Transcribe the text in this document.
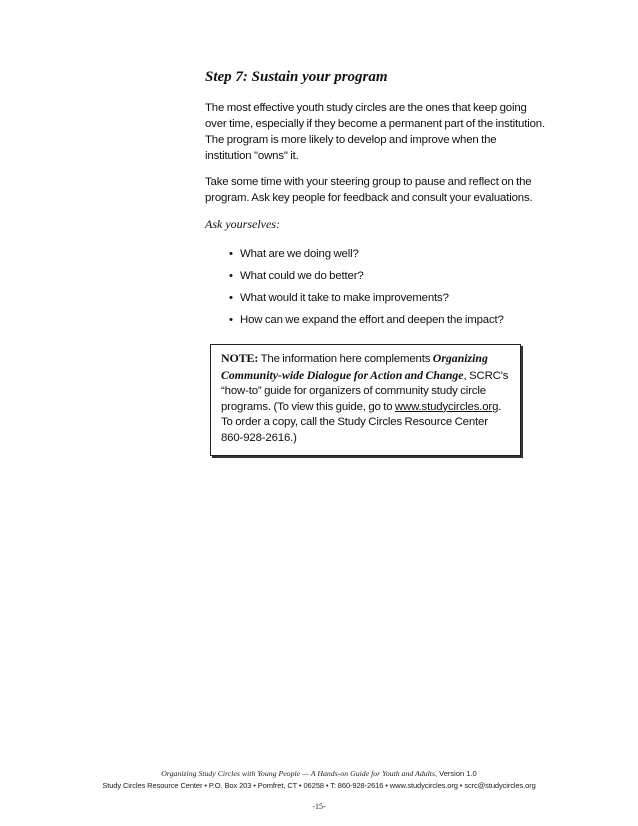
Step 7: Sustain your program

The most effective youth study circles are the ones that keep going over time, especially if they become a permanent part of the institution. The program is more likely to develop and improve when the institution "owns" it.

Take some time with your steering group to pause and reflect on the program. Ask key people for feedback and consult your evaluations.

Ask yourselves:

• What are we doing well?
• What could we do better?
• What would it take to make improvements?
• How can we expand the effort and deepen the impact?
NOTE: The information here complements Organizing Community-wide Dialogue for Action and Change, SCRC's “how-to” guide for organizers of community study circle programs. (To view this guide, go to www.studycircles.org. To order a copy, call the Study Circles Resource Center 860-928-2616.)
Organizing Study Circles with Young People — A Hands-on Guide for Youth and Adults, Version 1.0
Study Circles Resource Center • P.O. Box 203 • Pomfret, CT • 06258 • T: 860-928-2616 • www.studycircles.org • scrc@studycircles.org
-15-
